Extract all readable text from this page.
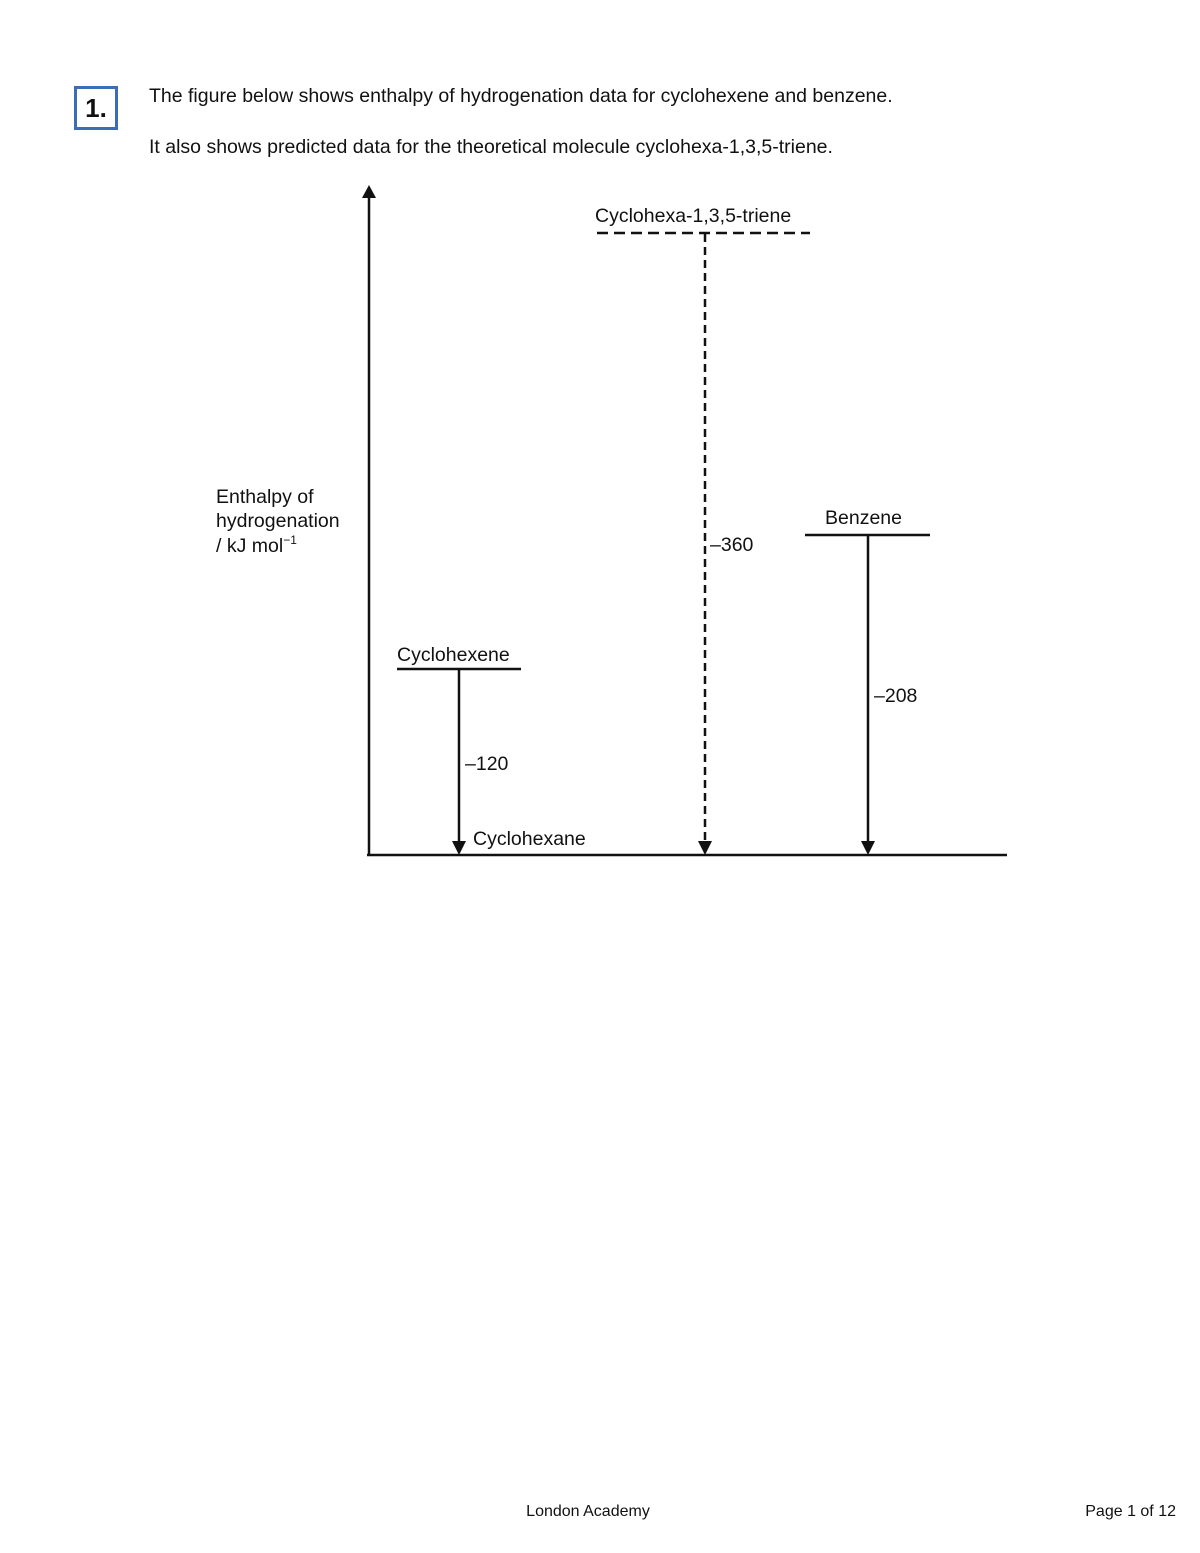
1. The figure below shows enthalpy of hydrogenation data for cyclohexene and benzene.
It also shows predicted data for the theoretical molecule cyclohexa-1,3,5-triene.
Enthalpy of hydrogenation / kJ mol$^{-1}$
Cyclohexene
–120
Cyclohexane
Cyclohexa-1,3,5-triene
–360
Benzene
–208
London Academy	Page 1 of 12
